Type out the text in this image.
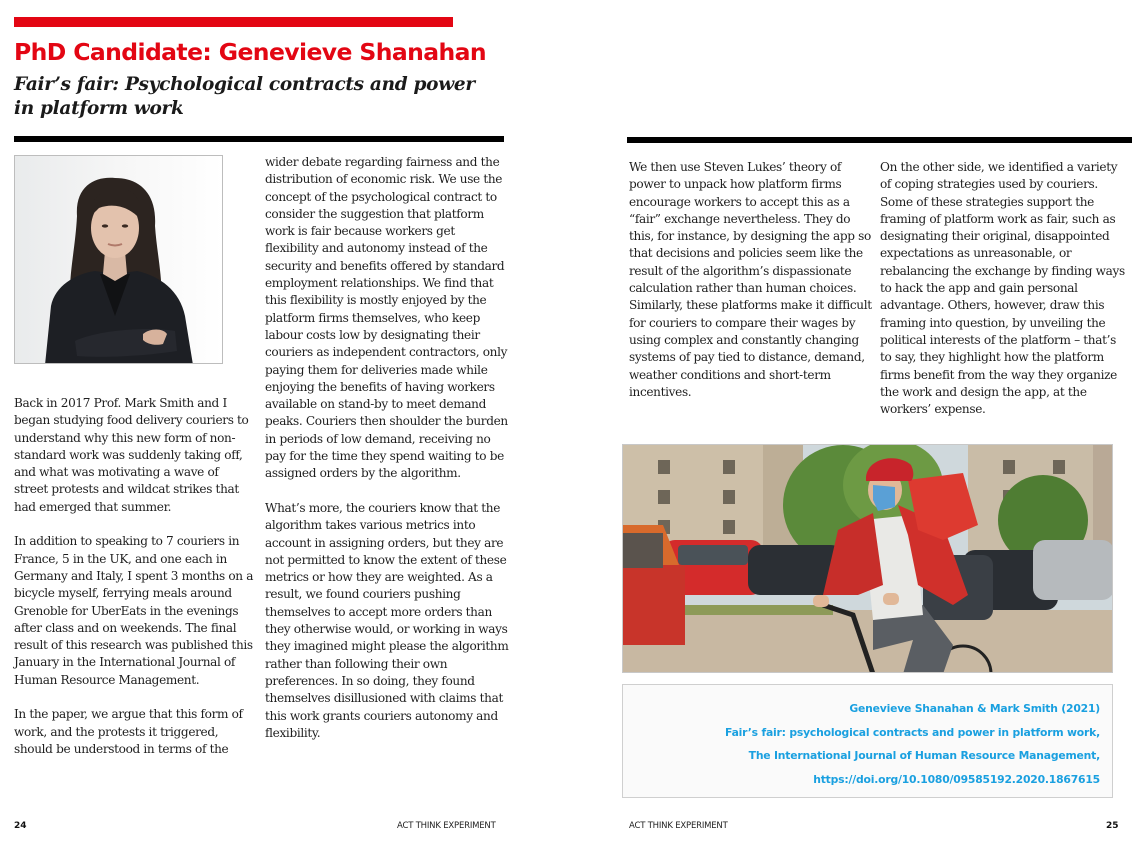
PhD Candidate: Genevieve Shanahan
Fair’s fair: Psychological contracts and power in platform work

Back in 2017 Prof. Mark Smith and I began studying food delivery couriers to understand why this new form of non-standard work was suddenly taking off, and what was motivating a wave of street protests and wildcat strikes that had emerged that summer.

In addition to speaking to 7 couriers in France, 5 in the UK, and one each in Germany and Italy, I spent 3 months on a bicycle myself, ferrying meals around Grenoble for UberEats in the evenings after class and on weekends. The final result of this research was published this January in the International Journal of Human Resource Management.

In the paper, we argue that this form of work, and the protests it triggered, should be understood in terms of the

wider debate regarding fairness and the distribution of economic risk. We use the concept of the psychological contract to consider the suggestion that platform work is fair because workers get flexibility and autonomy instead of the security and benefits offered by standard employment relationships. We find that this flexibility is mostly enjoyed by the platform firms themselves, who keep labour costs low by designating their couriers as independent contractors, only paying them for deliveries made while enjoying the benefits of having workers available on stand-by to meet demand peaks. Couriers then shoulder the burden in periods of low demand, receiving no pay for the time they spend waiting to be assigned orders by the algorithm.

What’s more, the couriers know that the algorithm takes various metrics into account in assigning orders, but they are not permitted to know the extent of these metrics or how they are weighted. As a result, we found couriers pushing themselves to accept more orders than they otherwise would, or working in ways they imagined might please the algorithm rather than following their own preferences. In so doing, they found themselves disillusioned with claims that this work grants couriers autonomy and flexibility.

24	ACT THINK EXPERIMENT

We then use Steven Lukes’ theory of power to unpack how platform firms encourage workers to accept this as a “fair” exchange nevertheless. They do this, for instance, by designing the app so that decisions and policies seem like the result of the algorithm’s dispassionate calculation rather than human choices. Similarly, these platforms make it difficult for couriers to compare their wages by using complex and constantly changing systems of pay tied to distance, demand, weather conditions and short-term incentives.

On the other side, we identified a variety of coping strategies used by couriers. Some of these strategies support the framing of platform work as fair, such as designating their original, disappointed expectations as unreasonable, or rebalancing the exchange by finding ways to hack the app and gain personal advantage. Others, however, draw this framing into question, by unveiling the political interests of the platform – that’s to say, they highlight how the platform firms benefit from the way they organize the work and design the app, at the workers’ expense.

Genevieve Shanahan & Mark Smith (2021)
Fair’s fair: psychological contracts and power in platform work,
The International Journal of Human Resource Management,
https://doi.org/10.1080/09585192.2020.1867615
ACT THINK EXPERIMENT	25
